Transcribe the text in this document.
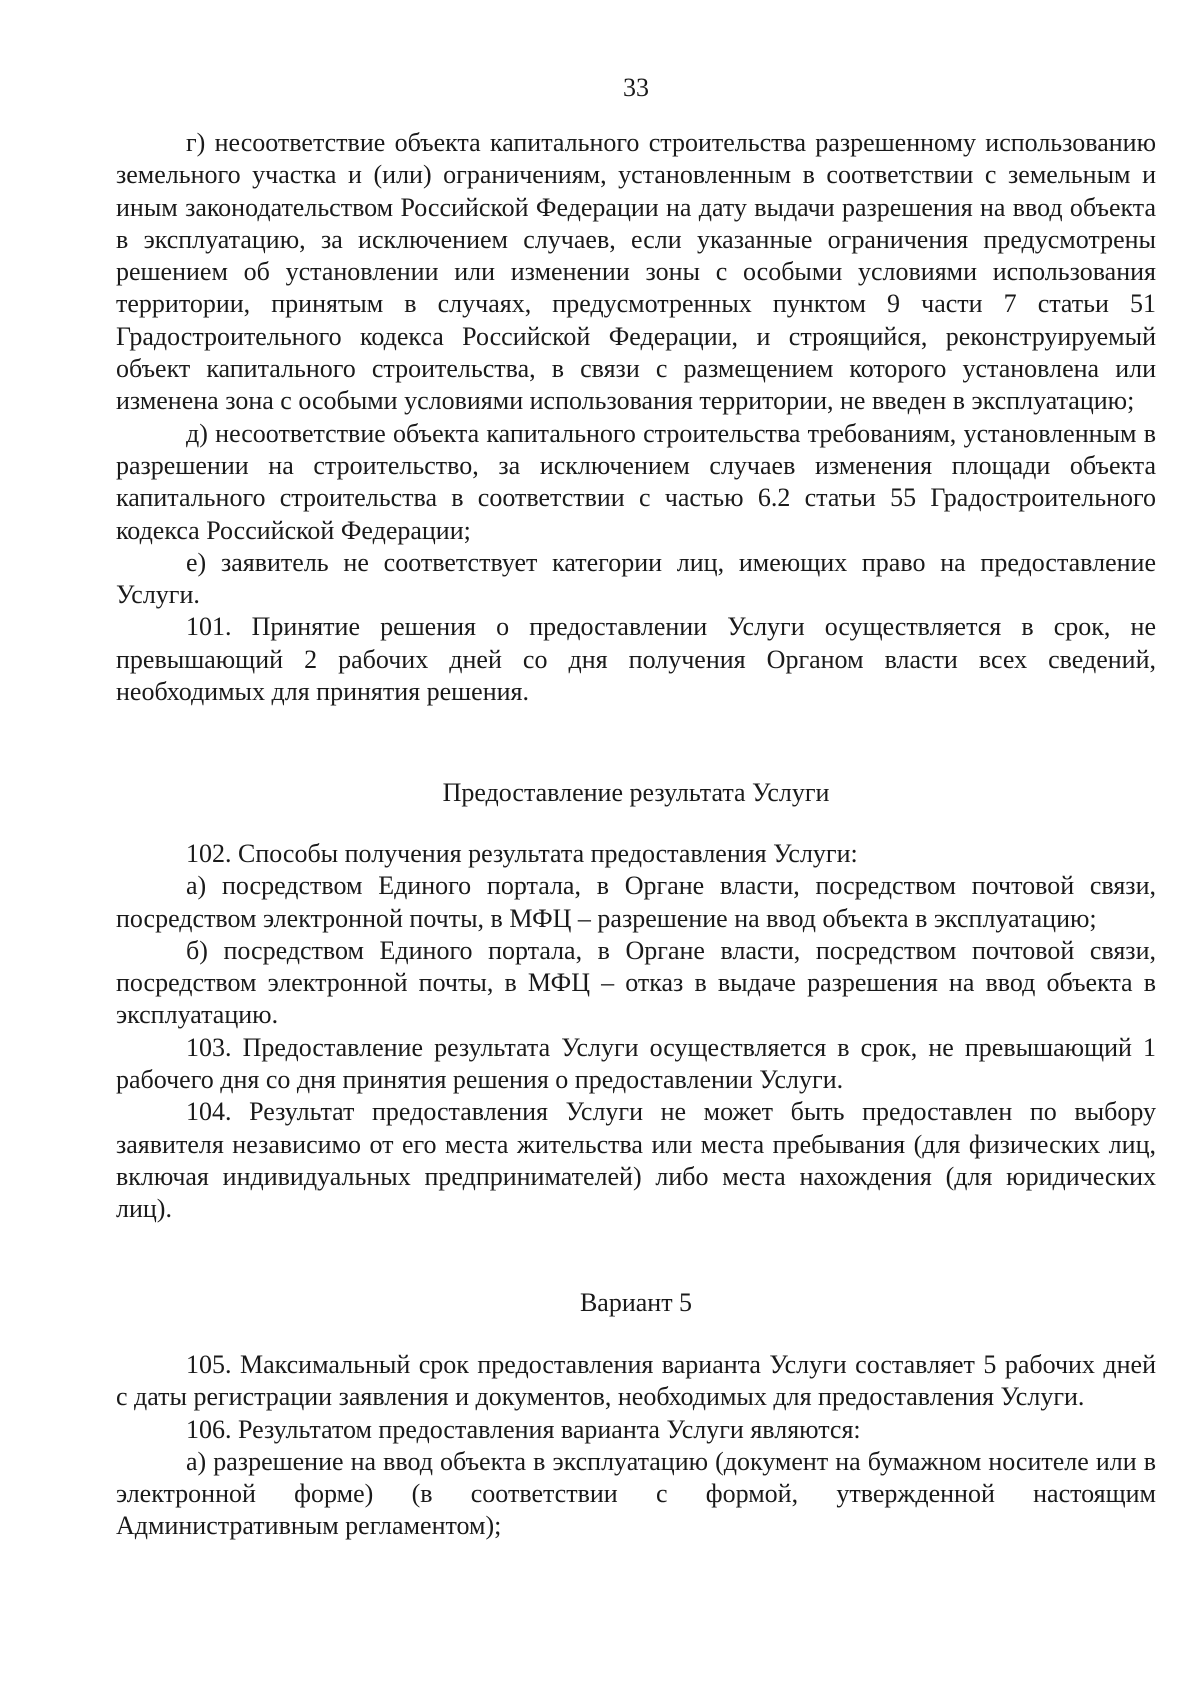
33

г) несоответствие объекта капитального строительства разрешенному использованию земельного участка и (или) ограничениям, установленным в соответствии с земельным и иным законодательством Российской Федерации на дату выдачи разрешения на ввод объекта в эксплуатацию, за исключением случаев, если указанные ограничения предусмотрены решением об установлении или изменении зоны с особыми условиями использования территории, принятым в случаях, предусмотренных пунктом 9 части 7 статьи 51 Градостроительного кодекса Российской Федерации, и строящийся, реконструируемый объект капитального строительства, в связи с размещением которого установлена или изменена зона с особыми условиями использования территории, не введен в эксплуатацию;

д) несоответствие объекта капитального строительства требованиям, установленным в разрешении на строительство, за исключением случаев изменения площади объекта капитального строительства в соответствии с частью 6.2 статьи 55 Градостроительного кодекса Российской Федерации;

е) заявитель не соответствует категории лиц, имеющих право на предоставление Услуги.

101. Принятие решения о предоставлении Услуги осуществляется в срок, не превышающий 2 рабочих дней со дня получения Органом власти всех сведений, необходимых для принятия решения.

Предоставление результата Услуги

102. Способы получения результата предоставления Услуги:

а) посредством Единого портала, в Органе власти, посредством почтовой связи, посредством электронной почты, в МФЦ – разрешение на ввод объекта в эксплуатацию;

б) посредством Единого портала, в Органе власти, посредством почтовой связи, посредством электронной почты, в МФЦ – отказ в выдаче разрешения на ввод объекта в эксплуатацию.

103. Предоставление результата Услуги осуществляется в срок, не превышающий 1 рабочего дня со дня принятия решения о предоставлении Услуги.

104. Результат предоставления Услуги не может быть предоставлен по выбору заявителя независимо от его места жительства или места пребывания (для физических лиц, включая индивидуальных предпринимателей) либо места нахождения (для юридических лиц).

Вариант 5

105. Максимальный срок предоставления варианта Услуги составляет 5 рабочих дней с даты регистрации заявления и документов, необходимых для предоставления Услуги.

106. Результатом предоставления варианта Услуги являются:

а) разрешение на ввод объекта в эксплуатацию (документ на бумажном носителе или в электронной форме) (в соответствии с формой, утвержденной настоящим Административным регламентом);
